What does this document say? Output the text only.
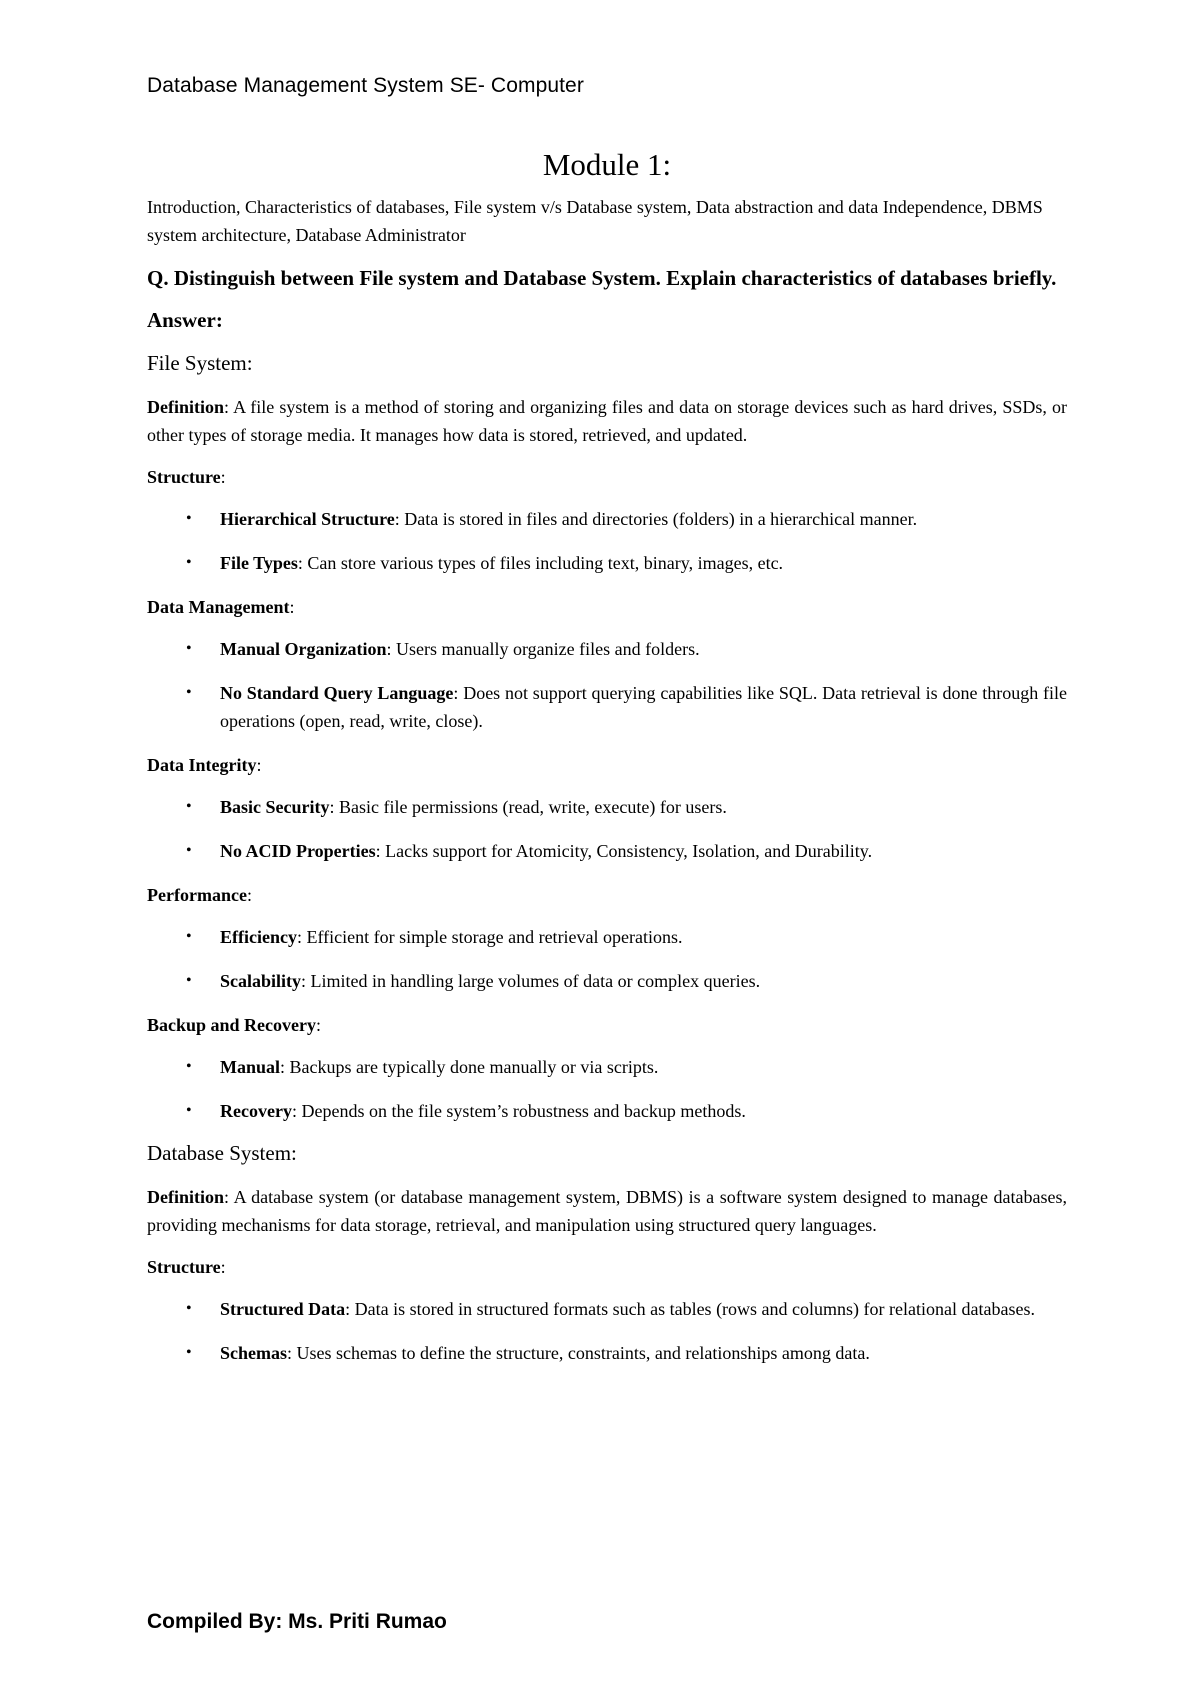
Database Management System SE- Computer
Module 1:

Introduction, Characteristics of databases, File system v/s Database system, Data abstraction and data Independence, DBMS system architecture, Database Administrator

Q. Distinguish between File system and Database System. Explain characteristics of databases briefly.

Answer:

File System:

Definition: A file system is a method of storing and organizing files and data on storage devices such as hard drives, SSDs, or other types of storage media. It manages how data is stored, retrieved, and updated.

Structure:

• Hierarchical Structure: Data is stored in files and directories (folders) in a hierarchical manner.
• File Types: Can store various types of files including text, binary, images, etc.

Data Management:

• Manual Organization: Users manually organize files and folders.
• No Standard Query Language: Does not support querying capabilities like SQL. Data retrieval is done through file operations (open, read, write, close).

Data Integrity:

• Basic Security: Basic file permissions (read, write, execute) for users.
• No ACID Properties: Lacks support for Atomicity, Consistency, Isolation, and Durability.

Performance:

• Efficiency: Efficient for simple storage and retrieval operations.
• Scalability: Limited in handling large volumes of data or complex queries.

Backup and Recovery:

• Manual: Backups are typically done manually or via scripts.
• Recovery: Depends on the file system’s robustness and backup methods.
Database System:

Definition: A database system (or database management system, DBMS) is a software system designed to manage databases, providing mechanisms for data storage, retrieval, and manipulation using structured query languages.

Structure:

• Structured Data: Data is stored in structured formats such as tables (rows and columns) for relational databases.
• Schemas: Uses schemas to define the structure, constraints, and relationships among data.
Compiled By: Ms. Priti Rumao
